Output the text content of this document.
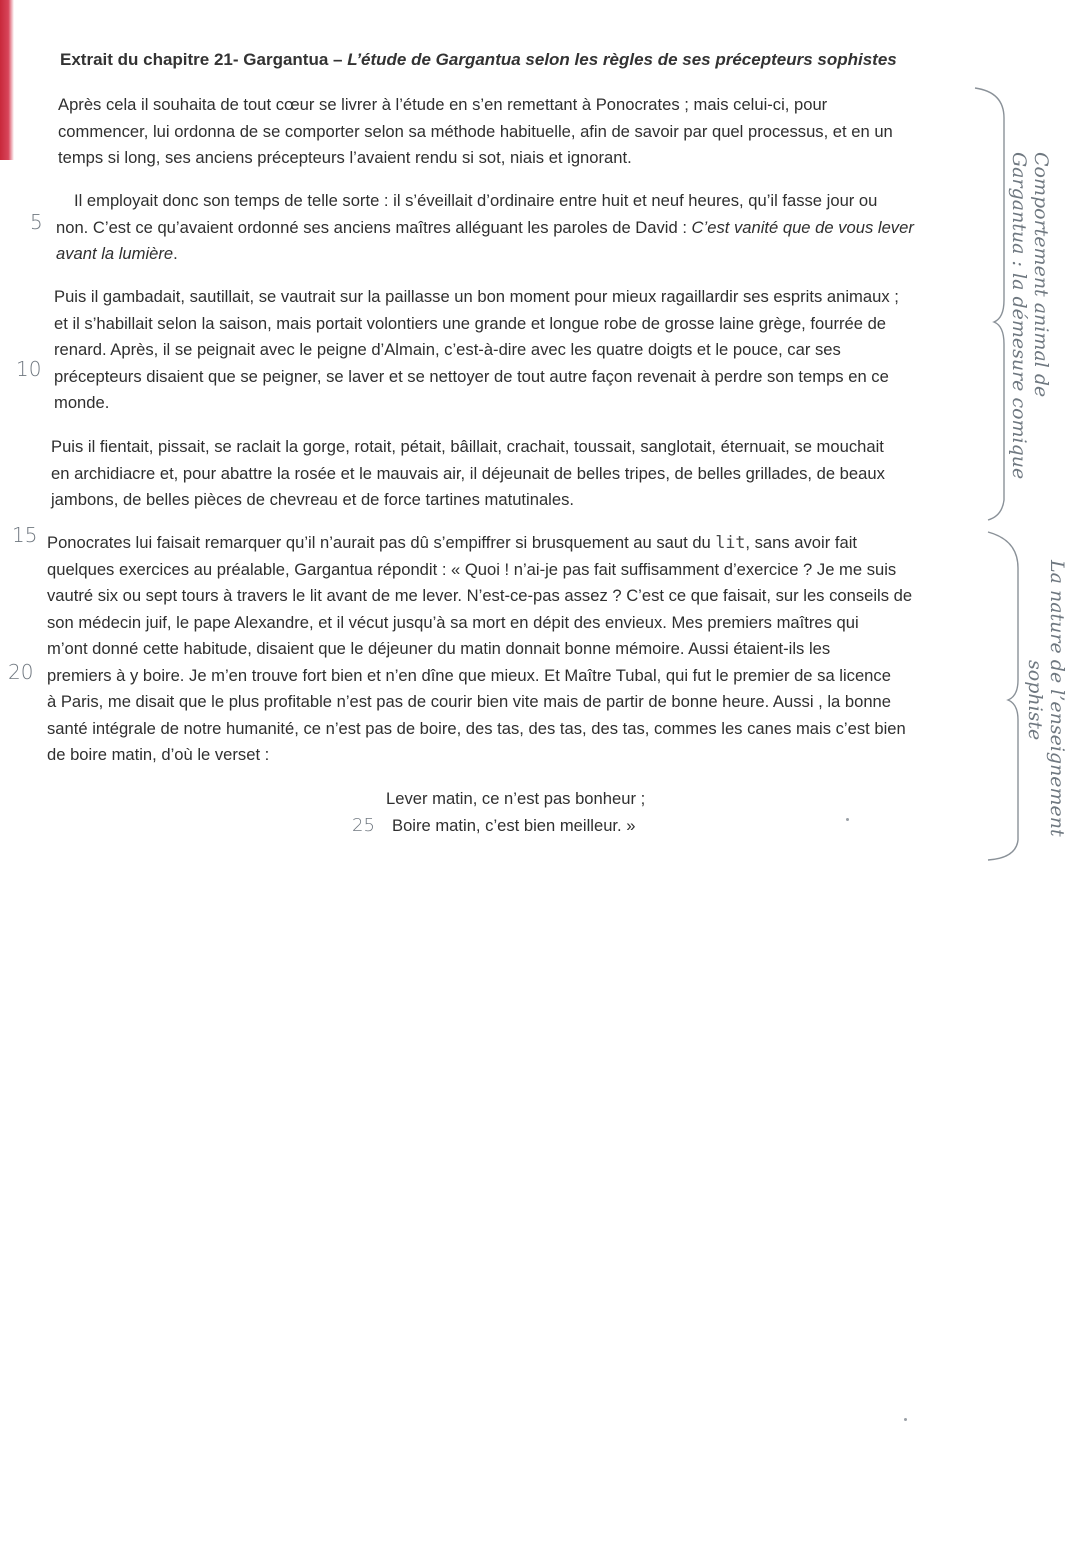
Extrait du chapitre 21- Gargantua – L’étude de Gargantua selon les règles de ses précepteurs sophistes
Après cela il souhaita de tout cœur se livrer à l’étude en s’en remettant à Ponocrates ; mais celui-ci, pour
commencer, lui ordonna de se comporter selon sa méthode habituelle, afin de savoir par quel processus, et en un
temps si long, ses anciens précepteurs l’avaient rendu si sot, niais et ignorant.
Il employait donc son temps de telle sorte : il s’éveillait d’ordinaire entre huit et neuf heures, qu’il fasse jour ou
non. C’est ce qu’avaient ordonné ses anciens maîtres alléguant les paroles de David : C’est vanité que de vous lever
avant la lumière.
Puis il gambadait, sautillait, se vautrait sur la paillasse un bon moment pour mieux ragaillardir ses esprits animaux ;
et il s’habillait selon la saison, mais portait volontiers une grande et longue robe de grosse laine grège, fourrée de
renard. Après, il se peignait avec le peigne d’Almain, c’est-à-dire avec les quatre doigts et le pouce, car ses
précepteurs disaient que se peigner, se laver et se nettoyer de tout autre façon revenait à perdre son temps en ce
monde.
Puis il fientait, pissait, se raclait la gorge, rotait, pétait, bâillait, crachait, toussait, sanglotait, éternuait, se mouchait
en archidiacre et, pour abattre la rosée et le mauvais air, il déjeunait de belles tripes, de belles grillades, de beaux
jambons, de belles pièces de chevreau et de force tartines matutinales.
Ponocrates lui faisait remarquer qu’il n’aurait pas dû s’empiffrer si brusquement au saut du lit, sans avoir fait
quelques exercices au préalable, Gargantua répondit : « Quoi ! n’ai-je pas fait suffisamment d’exercice ? Je me suis
vautré six ou sept tours à travers le lit avant de me lever. N’est-ce-pas assez ? C’est ce que faisait, sur les conseils de
son médecin juif, le pape Alexandre, et il vécut jusqu’à sa mort en dépit des envieux. Mes premiers maîtres qui
m’ont donné cette habitude, disaient que le déjeuner du matin donnait bonne mémoire. Aussi étaient-ils les
premiers à y boire. Je m’en trouve fort bien et n’en dîne que mieux. Et Maître Tubal, qui fut le premier de sa licence
à Paris, me disait que le plus profitable n’est pas de courir bien vite mais de partir de bonne heure. Aussi , la bonne
santé intégrale de notre humanité, ce n’est pas de boire, des tas, des tas, des tas, commes les canes mais c’est bien
de boire matin, d’où le verset :
Lever matin, ce n’est pas bonheur ;
Boire matin, c’est bien meilleur. »
5
10
15
20
25
Comportement animal de
Gargantua : la démesure comique
La nature de l’enseignement
sophiste
